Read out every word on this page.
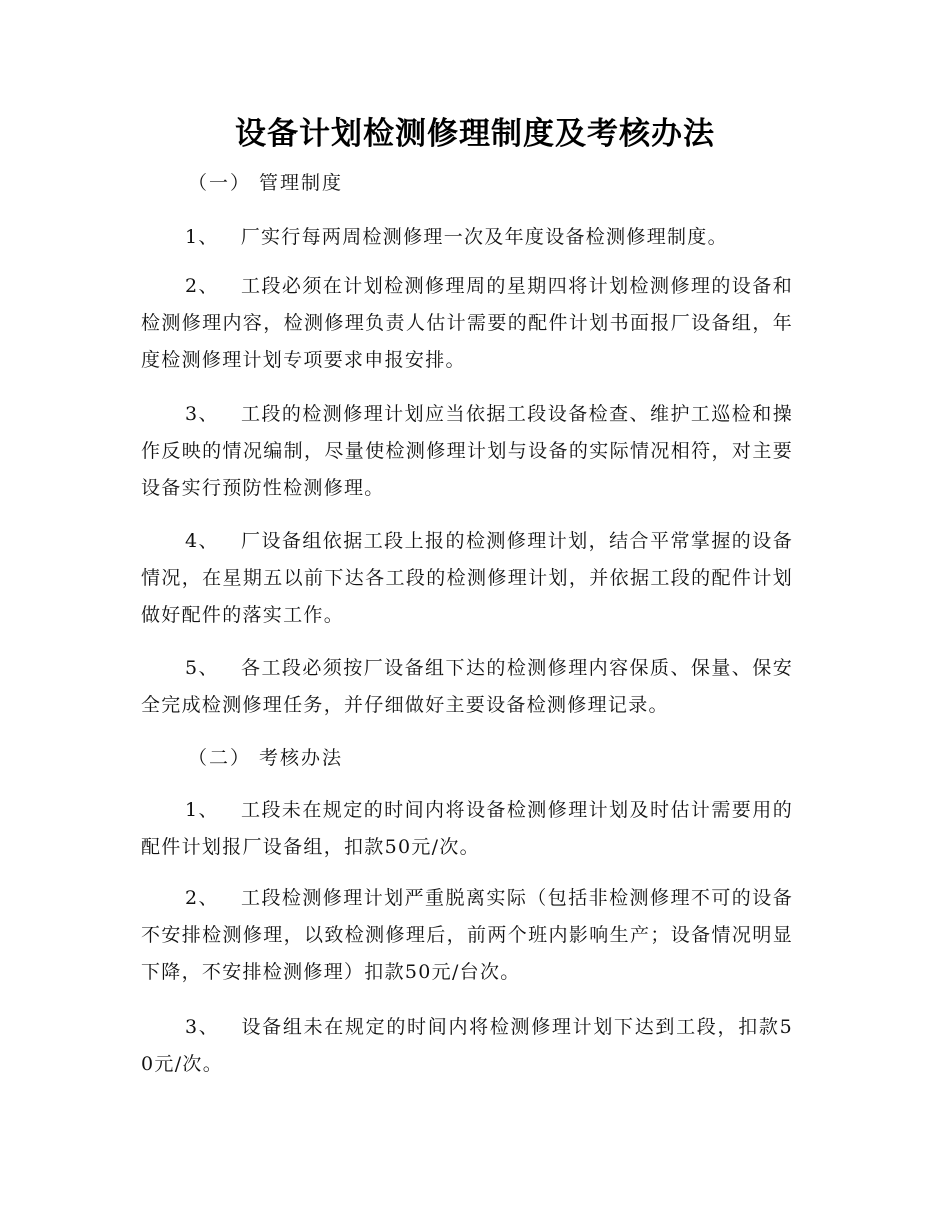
设备计划检测修理制度及考核办法
（一） 管理制度

1、 厂实行每两周检测修理一次及年度设备检测修理制度。

2、 工段必须在计划检测修理周的星期四将计划检测修理的设备和检测修理内容，检测修理负责人估计需要的配件计划书面报厂设备组，年度检测修理计划专项要求申报安排。

3、 工段的检测修理计划应当依据工段设备检查、维护工巡检和操作反映的情况编制，尽量使检测修理计划与设备的实际情况相符，对主要设备实行预防性检测修理。

4、 厂设备组依据工段上报的检测修理计划，结合平常掌握的设备情况，在星期五以前下达各工段的检测修理计划，并依据工段的配件计划做好配件的落实工作。

5、 各工段必须按厂设备组下达的检测修理内容保质、保量、保安全完成检测修理任务，并仔细做好主要设备检测修理记录。

（二） 考核办法

1、 工段未在规定的时间内将设备检测修理计划及时估计需要用的配件计划报厂设备组，扣款50元/次。

2、 工段检测修理计划严重脱离实际（包括非检测修理不可的设备不安排检测修理，以致检测修理后，前两个班内影响生产；设备情况明显下降，不安排检测修理）扣款50元/台次。

3、 设备组未在规定的时间内将检测修理计划下达到工段，扣款50元/次。
